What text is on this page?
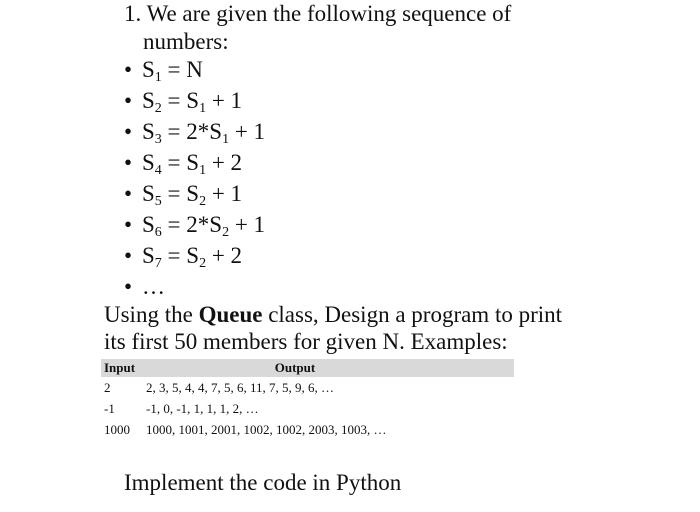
1. We are given the following sequence of
numbers:
• $S_1 = N$
• $S_2 = S_1 + 1$
• $S_3 = 2*S_1 + 1$
• $S_4 = S_1 + 2$
• $S_5 = S_2 + 1$
• $S_6 = 2*S_2 + 1$
• $S_7 = S_2 + 2$
• …
Using the Queue class, Design a program to print
its first 50 members for given N. Examples:
Input	Output
2	2, 3, 5, 4, 4, 7, 5, 6, 11, 7, 5, 9, 6, …
-1	-1, 0, -1, 1, 1, 1, 2, …
1000	1000, 1001, 2001, 1002, 1002, 2003, 1003, …
Implement the code in Python
